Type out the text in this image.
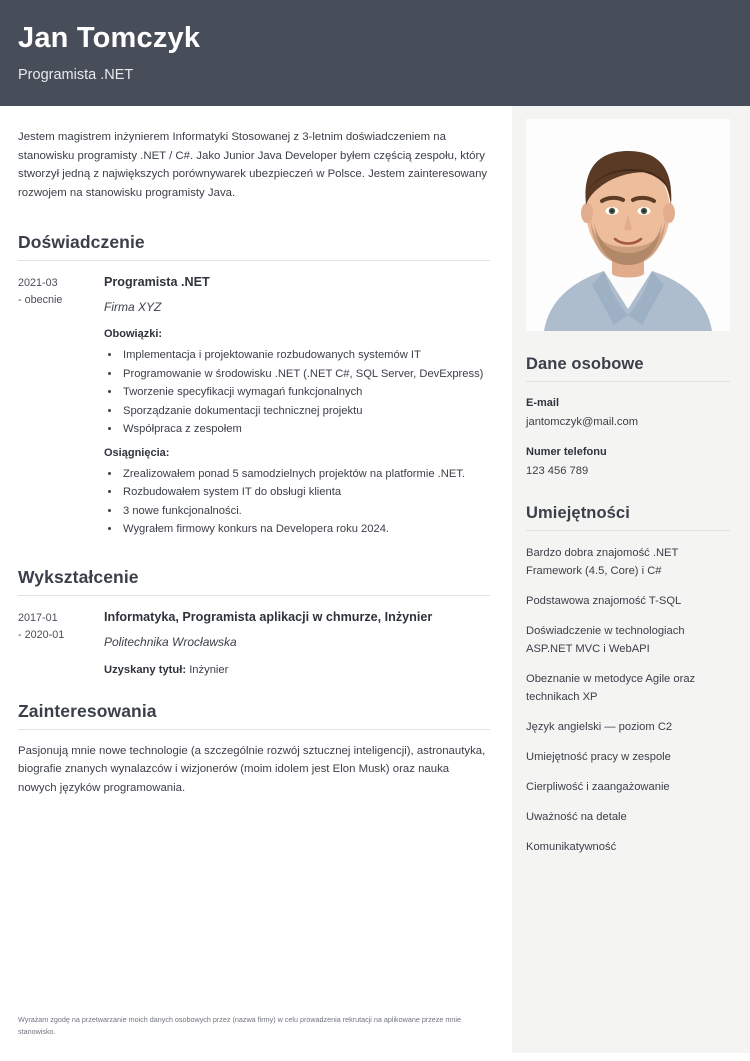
Jan Tomczyk
Programista .NET

Jestem magistrem inżynierem Informatyki Stosowanej z 3-letnim doświadczeniem na stanowisku programisty .NET / C#. Jako Junior Java Developer byłem częścią zespołu, który stworzył jedną z największych porównywarek ubezpieczeń w Polsce. Jestem zainteresowany rozwojem na stanowisku programisty Java.

Doświadczenie
2021-03
- obecnie
Programista .NET
Firma XYZ
Obowiązki:
• Implementacja i projektowanie rozbudowanych systemów IT
• Programowanie w środowisku .NET (.NET C#, SQL Server, DevExpress)
• Tworzenie specyfikacji wymagań funkcjonalnych
• Sporządzanie dokumentacji technicznej projektu
• Współpraca z zespołem
Osiągnięcia:
• Zrealizowałem ponad 5 samodzielnych projektów na platformie .NET.
• Rozbudowałem system IT do obsługi klienta
• 3 nowe funkcjonalności.
• Wygrałem firmowy konkurs na Developera roku 2024.
Wykształcenie
2017-01
- 2020-01
Informatyka, Programista aplikacji w chmurze, Inżynier
Politechnika Wrocławska

Uzyskany tytuł: Inżynier

Zainteresowania

Pasjonują mnie nowe technologie (a szczególnie rozwój sztucznej inteligencji), astronautyka, biografie znanych wynalazców i wizjonerów (moim idolem jest Elon Musk) oraz nauka nowych języków programowania.

Dane osobowe
E-mail
jantomczyk@mail.com
Numer telefonu
123 456 789
Umiejętności
Bardzo dobra znajomość .NET Framework (4.5, Core) i C#
Podstawowa znajomość T-SQL
Doświadczenie w technologiach ASP.NET MVC i WebAPI
Obeznanie w metodyce Agile oraz technikach XP
Język angielski — poziom C2
Umiejętność pracy w zespole
Cierpliwość i zaangażowanie
Uważność na detale
Komunikatywność
Wyrażam zgodę na przetwarzanie moich danych osobowych przez (nazwa firmy) w celu prowadzenia rekrutacji na aplikowane przeze mnie stanowisko.
